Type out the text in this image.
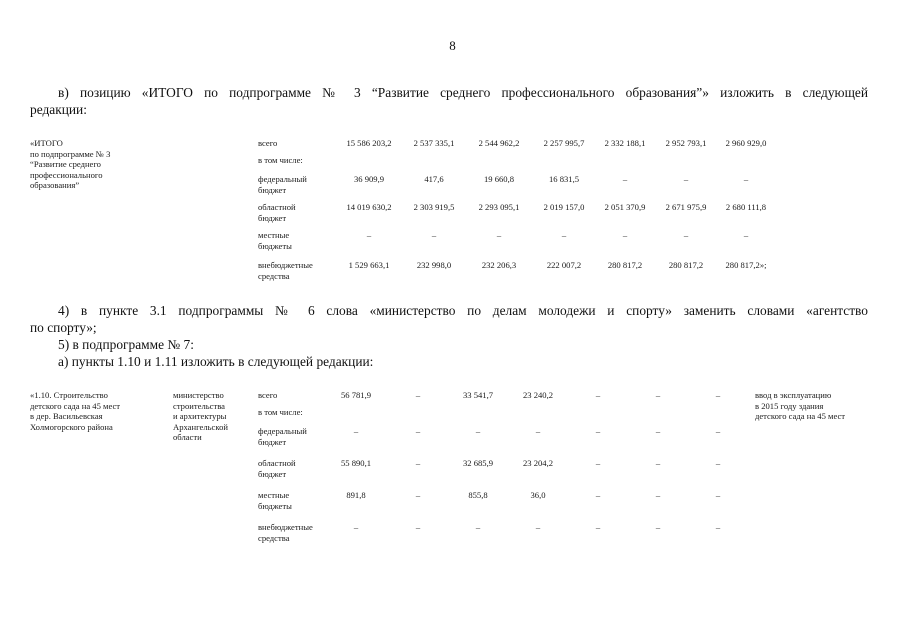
8
в) позицию «ИТОГО по подпрограмме № 3 “Развитие среднего профессионального образования”» изложить в следующей
редакции:
«ИТОГО
по подпрограмме № 3
“Развитие среднего
профессионального
образования”
всего	15 586 203,2	2 537 335,1	2 544 962,2	2 257 995,7	2 332 188,1	2 952 793,1	2 960 929,0
в том числе:
федеральный
бюджет
36 909,9	417,6	19 660,8	16 831,5	–	–	–
областной
бюджет
14 019 630,2	2 303 919,5	2 293 095,1	2 019 157,0	2 051 370,9	2 671 975,9	2 680 111,8
местные
бюджеты
–	–	–	–	–	–	–
внебюджетные
средства
1 529 663,1	232 998,0	232 206,3	222 007,2	280 817,2	280 817,2	280 817,2»;
4) в пункте 3.1 подпрограммы № 6 слова «министерство по делам молодежи и спорту» заменить словами «агентство
по спорту»;
5) в подпрограмме № 7:
а) пункты 1.10 и 1.11 изложить в следующей редакции:
«1.10. Строительство
детского сада на 45 мест
в дер. Васильевская
Холмогорского района
министерство
строительства
и архитектуры
Архангельской
области
ввод в эксплуатацию
в 2015 году здания
детского сада на 45 мест
всего	56 781,9	–	33 541,7	23 240,2	–	–	–
в том числе:
федеральный
бюджет
–	–	–	–	–	–	–
областной
бюджет
55 890,1	–	32 685,9	23 204,2	–	–	–
местные
бюджеты
891,8	–	855,8	36,0	–	–	–
внебюджетные
средства
–	–	–	–	–	–	–
